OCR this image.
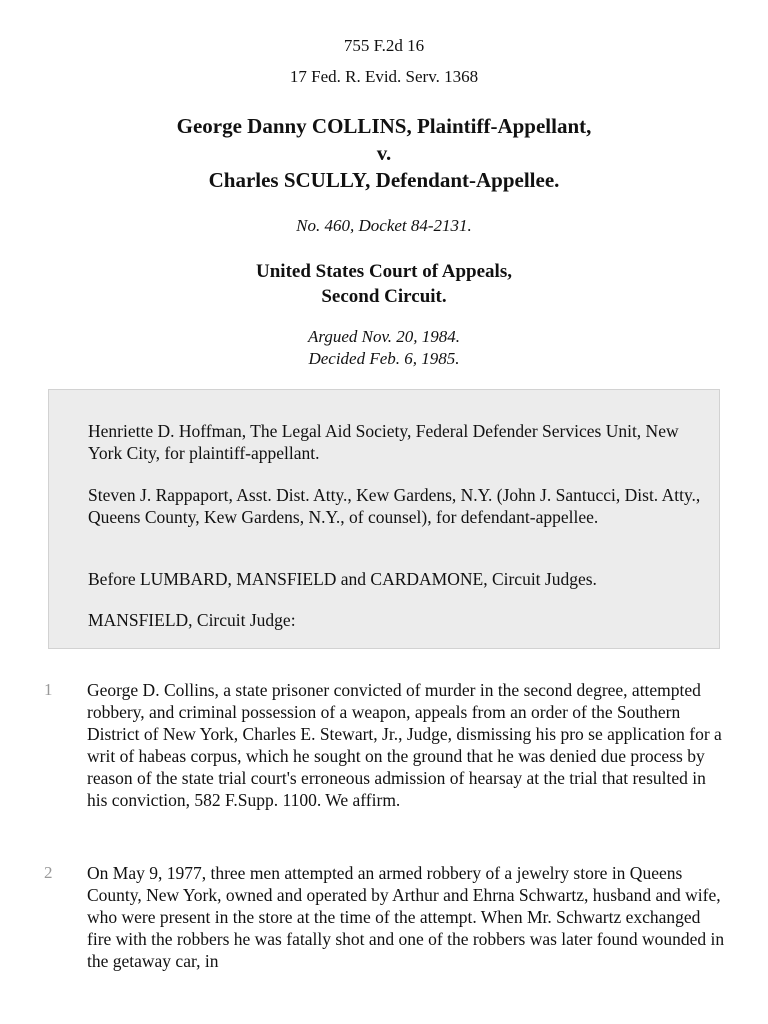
755 F.2d 16
17 Fed. R. Evid. Serv. 1368
George Danny COLLINS, Plaintiff-Appellant,
v.
Charles SCULLY, Defendant-Appellee.
No. 460, Docket 84-2131.
United States Court of Appeals,
Second Circuit.
Argued Nov. 20, 1984.
Decided Feb. 6, 1985.

Henriette D. Hoffman, The Legal Aid Society, Federal Defender Services Unit, New York City, for plaintiff-appellant.

Steven J. Rappaport, Asst. Dist. Atty., Kew Gardens, N.Y. (John J. Santucci, Dist. Atty., Queens County, Kew Gardens, N.Y., of counsel), for defendant-appellee.

Before LUMBARD, MANSFIELD and CARDAMONE, Circuit Judges.

MANSFIELD, Circuit Judge:

1 George D. Collins, a state prisoner convicted of murder in the second degree, attempted robbery, and criminal possession of a weapon, appeals from an order of the Southern District of New York, Charles E. Stewart, Jr., Judge, dismissing his pro se application for a writ of habeas corpus, which he sought on the ground that he was denied due process by reason of the state trial court's erroneous admission of hearsay at the trial that resulted in his conviction, 582 F.Supp. 1100. We affirm.

2 On May 9, 1977, three men attempted an armed robbery of a jewelry store in Queens County, New York, owned and operated by Arthur and Ehrna Schwartz, husband and wife, who were present in the store at the time of the attempt. When Mr. Schwartz exchanged fire with the robbers he was fatally shot and one of the robbers was later found wounded in the getaway car, in
